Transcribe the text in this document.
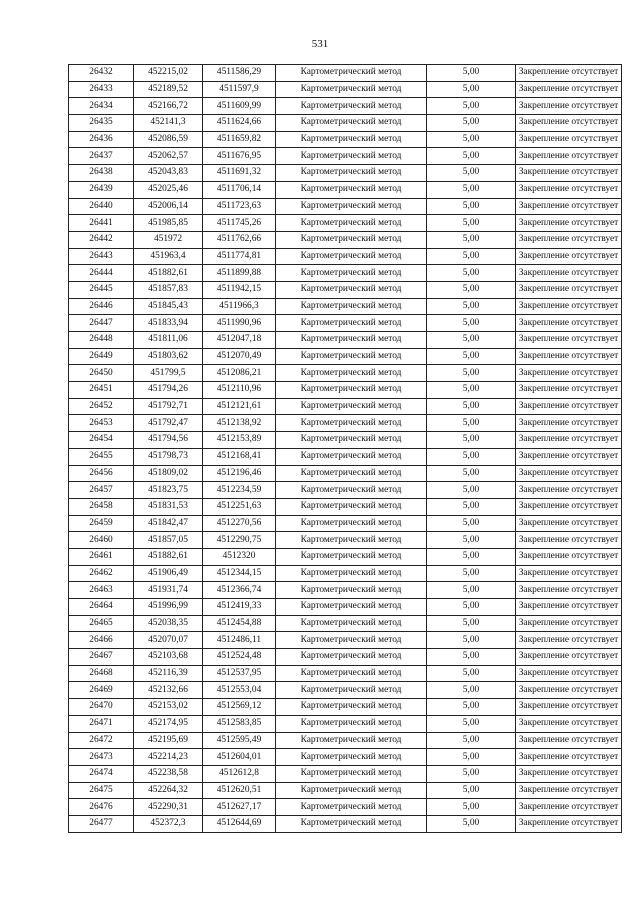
531
26432	452215,02	4511586,29	Картометрический метод	5,00	Закрепление отсутствует
26433	452189,52	4511597,9	Картометрический метод	5,00	Закрепление отсутствует
26434	452166,72	4511609,99	Картометрический метод	5,00	Закрепление отсутствует
26435	452141,3	4511624,66	Картометрический метод	5,00	Закрепление отсутствует
26436	452086,59	4511659,82	Картометрический метод	5,00	Закрепление отсутствует
26437	452062,57	4511676,95	Картометрический метод	5,00	Закрепление отсутствует
26438	452043,83	4511691,32	Картометрический метод	5,00	Закрепление отсутствует
26439	452025,46	4511706,14	Картометрический метод	5,00	Закрепление отсутствует
26440	452006,14	4511723,63	Картометрический метод	5,00	Закрепление отсутствует
26441	451985,85	4511745,26	Картометрический метод	5,00	Закрепление отсутствует
26442	451972	4511762,66	Картометрический метод	5,00	Закрепление отсутствует
26443	451963,4	4511774,81	Картометрический метод	5,00	Закрепление отсутствует
26444	451882,61	4511899,88	Картометрический метод	5,00	Закрепление отсутствует
26445	451857,83	4511942,15	Картометрический метод	5,00	Закрепление отсутствует
26446	451845,43	4511966,3	Картометрический метод	5,00	Закрепление отсутствует
26447	451833,94	4511990,96	Картометрический метод	5,00	Закрепление отсутствует
26448	451811,06	4512047,18	Картометрический метод	5,00	Закрепление отсутствует
26449	451803,62	4512070,49	Картометрический метод	5,00	Закрепление отсутствует
26450	451799,5	4512086,21	Картометрический метод	5,00	Закрепление отсутствует
26451	451794,26	4512110,96	Картометрический метод	5,00	Закрепление отсутствует
26452	451792,71	4512121,61	Картометрический метод	5,00	Закрепление отсутствует
26453	451792,47	4512138,92	Картометрический метод	5,00	Закрепление отсутствует
26454	451794,56	4512153,89	Картометрический метод	5,00	Закрепление отсутствует
26455	451798,73	4512168,41	Картометрический метод	5,00	Закрепление отсутствует
26456	451809,02	4512196,46	Картометрический метод	5,00	Закрепление отсутствует
26457	451823,75	4512234,59	Картометрический метод	5,00	Закрепление отсутствует
26458	451831,53	4512251,63	Картометрический метод	5,00	Закрепление отсутствует
26459	451842,47	4512270,56	Картометрический метод	5,00	Закрепление отсутствует
26460	451857,05	4512290,75	Картометрический метод	5,00	Закрепление отсутствует
26461	451882,61	4512320	Картометрический метод	5,00	Закрепление отсутствует
26462	451906,49	4512344,15	Картометрический метод	5,00	Закрепление отсутствует
26463	451931,74	4512366,74	Картометрический метод	5,00	Закрепление отсутствует
26464	451996,99	4512419,33	Картометрический метод	5,00	Закрепление отсутствует
26465	452038,35	4512454,88	Картометрический метод	5,00	Закрепление отсутствует
26466	452070,07	4512486,11	Картометрический метод	5,00	Закрепление отсутствует
26467	452103,68	4512524,48	Картометрический метод	5,00	Закрепление отсутствует
26468	452116,39	4512537,95	Картометрический метод	5,00	Закрепление отсутствует
26469	452132,66	4512553,04	Картометрический метод	5,00	Закрепление отсутствует
26470	452153,02	4512569,12	Картометрический метод	5,00	Закрепление отсутствует
26471	452174,95	4512583,85	Картометрический метод	5,00	Закрепление отсутствует
26472	452195,69	4512595,49	Картометрический метод	5,00	Закрепление отсутствует
26473	452214,23	4512604,01	Картометрический метод	5,00	Закрепление отсутствует
26474	452238,58	4512612,8	Картометрический метод	5,00	Закрепление отсутствует
26475	452264,32	4512620,51	Картометрический метод	5,00	Закрепление отсутствует
26476	452290,31	4512627,17	Картометрический метод	5,00	Закрепление отсутствует
26477	452372,3	4512644,69	Картометрический метод	5,00	Закрепление отсутствует
